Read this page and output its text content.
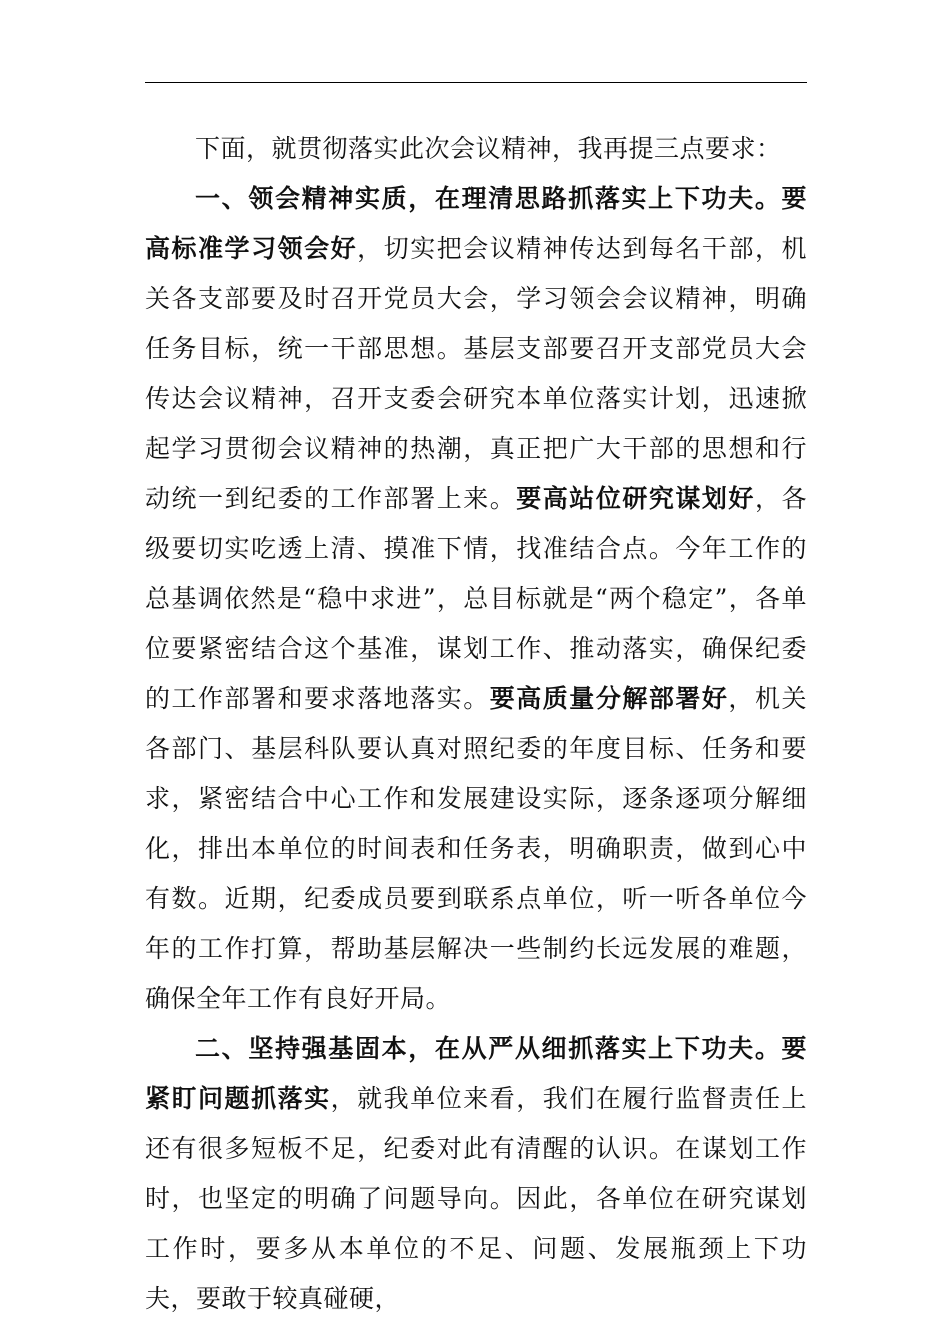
下面，就贯彻落实此次会议精神，我再提三点要求：

一、领会精神实质，在理清思路抓落实上下功夫。要高标准学习领会好，切实把会议精神传达到每名干部，机关各支部要及时召开党员大会，学习领会会议精神，明确任务目标，统一干部思想。基层支部要召开支部党员大会传达会议精神，召开支委会研究本单位落实计划，迅速掀起学习贯彻会议精神的热潮，真正把广大干部的思想和行动统一到纪委的工作部署上来。要高站位研究谋划好，各级要切实吃透上清、摸准下情，找准结合点。今年工作的总基调依然是“稳中求进”，总目标就是“两个稳定”，各单位要紧密结合这个基准，谋划工作、推动落实，确保纪委的工作部署和要求落地落实。要高质量分解部署好，机关各部门、基层科队要认真对照纪委的年度目标、任务和要求，紧密结合中心工作和发展建设实际，逐条逐项分解细化，排出本单位的时间表和任务表，明确职责，做到心中有数。近期，纪委成员要到联系点单位，听一听各单位今年的工作打算，帮助基层解决一些制约长远发展的难题，确保全年工作有良好开局。

二、坚持强基固本，在从严从细抓落实上下功夫。要紧盯问题抓落实，就我单位来看，我们在履行监督责任上还有很多短板不足，纪委对此有清醒的认识。在谋划工作时，也坚定的明确了问题导向。因此，各单位在研究谋划工作时，要多从本单位的不足、问题、发展瓶颈上下功夫，要敢于较真碰硬，
